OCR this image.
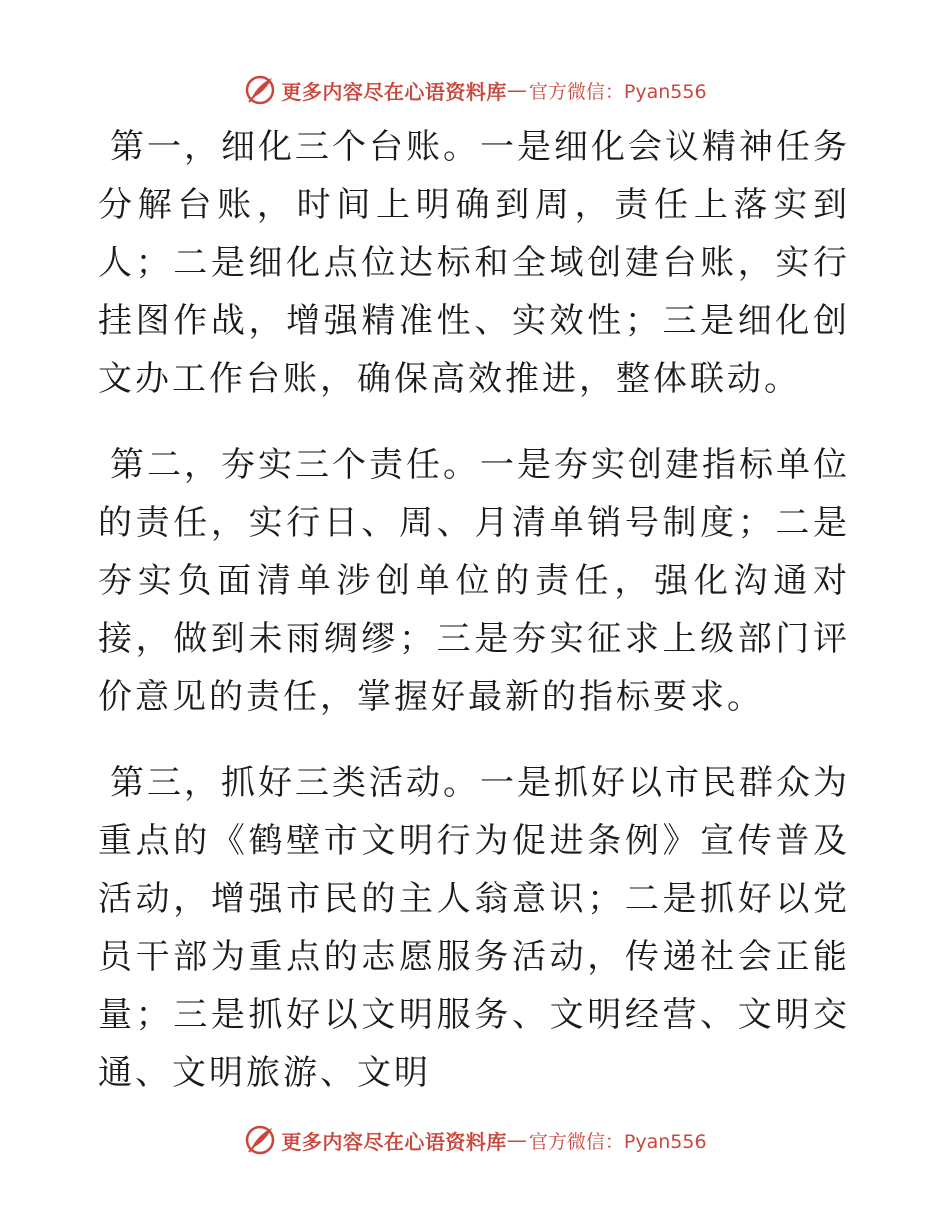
更多内容尽在心语资料库 — 官方微信：Pyan556

第一，细化三个台账。一是细化会议精神任务分解台账，时间上明确到周，责任上落实到人；二是细化点位达标和全域创建台账，实行挂图作战，增强精准性、实效性；三是细化创文办工作台账，确保高效推进，整体联动。

第二，夯实三个责任。一是夯实创建指标单位的责任，实行日、周、月清单销号制度；二是夯实负面清单涉创单位的责任，强化沟通对接，做到未雨绸缪；三是夯实征求上级部门评价意见的责任，掌握好最新的指标要求。

第三，抓好三类活动。一是抓好以市民群众为重点的《鹤壁市文明行为促进条例》宣传普及活动，增强市民的主人翁意识；二是抓好以党员干部为重点的志愿服务活动，传递社会正能量；三是抓好以文明服务、文明经营、文明交通、文明旅游、文明

更多内容尽在心语资料库 — 官方微信：Pyan556
